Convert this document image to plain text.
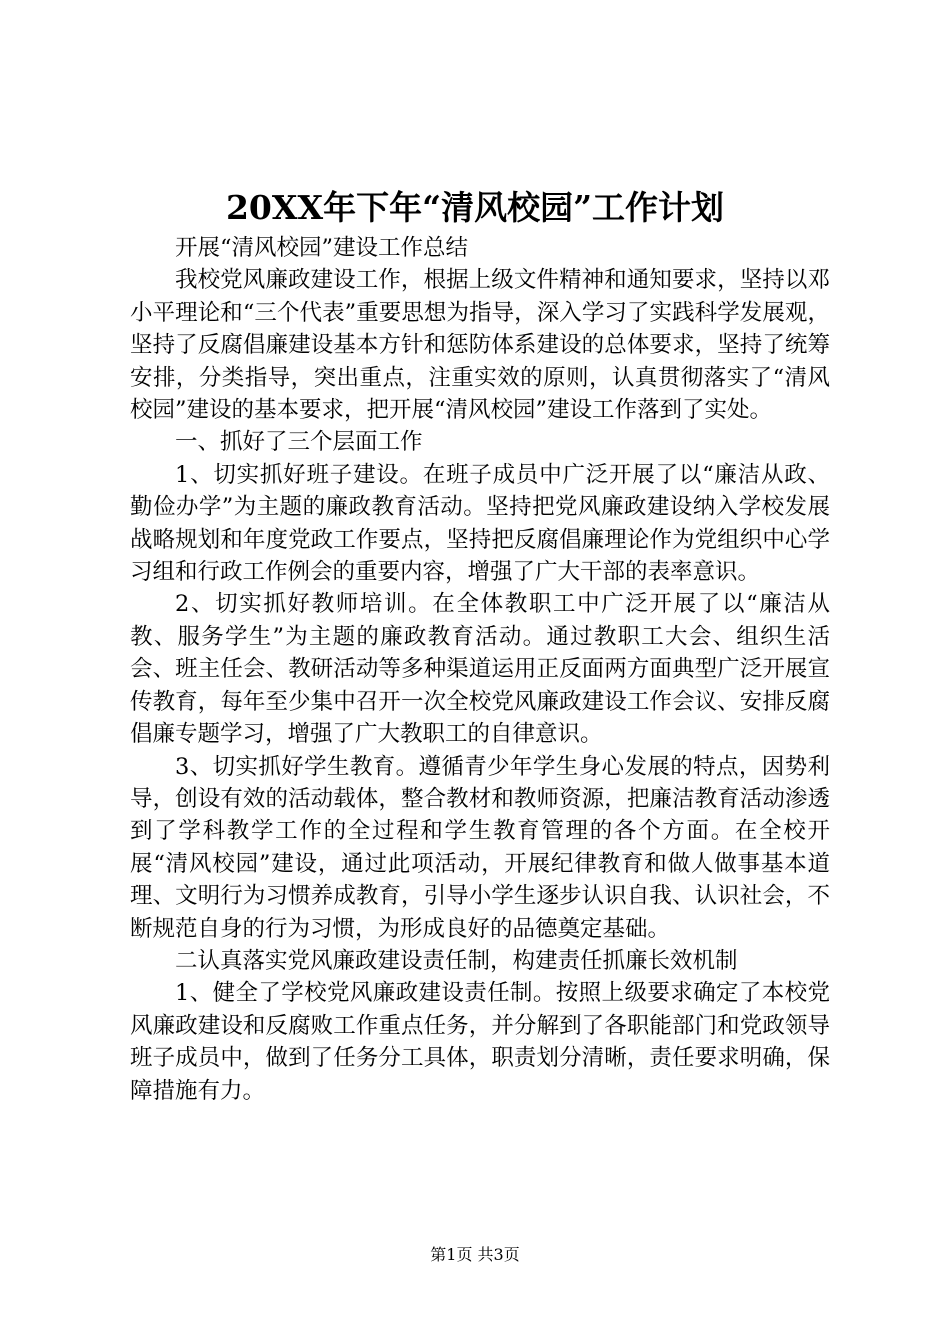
20XX年下年“清风校园”工作计划

开展“清风校园”建设工作总结

我校党风廉政建设工作，根据上级文件精神和通知要求，坚持以邓小平理论和“三个代表”重要思想为指导，深入学习了实践科学发展观，坚持了反腐倡廉建设基本方针和惩防体系建设的总体要求，坚持了统筹安排，分类指导，突出重点，注重实效的原则，认真贯彻落实了“清风校园”建设的基本要求，把开展“清风校园”建设工作落到了实处。

一、抓好了三个层面工作

1、切实抓好班子建设。在班子成员中广泛开展了以“廉洁从政、勤俭办学”为主题的廉政教育活动。坚持把党风廉政建设纳入学校发展战略规划和年度党政工作要点，坚持把反腐倡廉理论作为党组织中心学习组和行政工作例会的重要内容，增强了广大干部的表率意识。

2、切实抓好教师培训。在全体教职工中广泛开展了以“廉洁从教、服务学生”为主题的廉政教育活动。通过教职工大会、组织生活会、班主任会、教研活动等多种渠道运用正反面两方面典型广泛开展宣传教育，每年至少集中召开一次全校党风廉政建设工作会议、安排反腐倡廉专题学习，增强了广大教职工的自律意识。

3、切实抓好学生教育。遵循青少年学生身心发展的特点，因势利导，创设有效的活动载体，整合教材和教师资源，把廉洁教育活动渗透到了学科教学工作的全过程和学生教育管理的各个方面。在全校开展“清风校园”建设，通过此项活动，开展纪律教育和做人做事基本道理、文明行为习惯养成教育，引导小学生逐步认识自我、认识社会，不断规范自身的行为习惯，为形成良好的品德奠定基础。

二认真落实党风廉政建设责任制，构建责任抓廉长效机制

1、健全了学校党风廉政建设责任制。按照上级要求确定了本校党风廉政建设和反腐败工作重点任务，并分解到了各职能部门和党政领导班子成员中，做到了任务分工具体，职责划分清晰，责任要求明确，保障措施有力。

第1页 共3页
